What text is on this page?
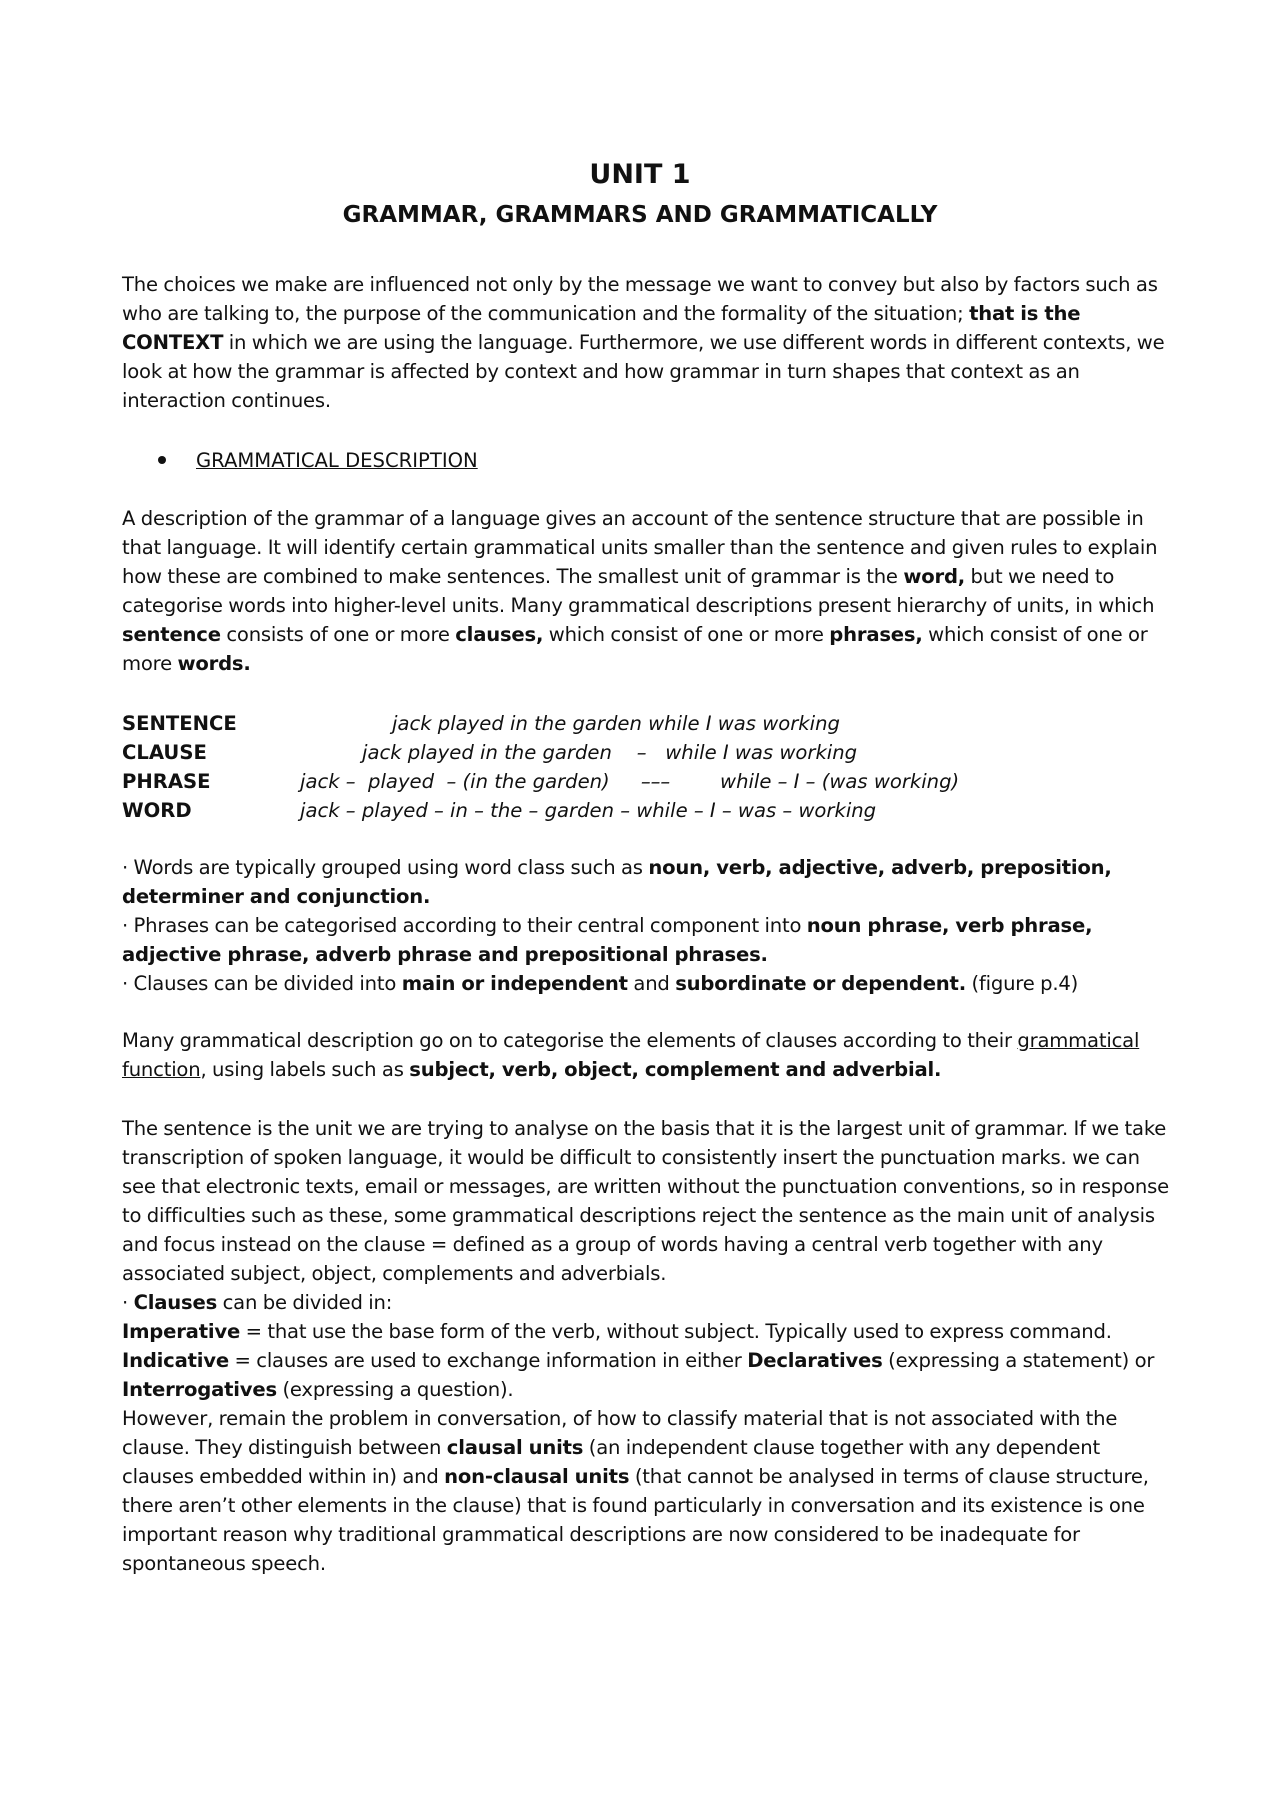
UNIT 1
GRAMMAR, GRAMMARS AND GRAMMATICALLY
The choices we make are influenced not only by the message we want to convey but also by factors such as who are talking to, the purpose of the communication and the formality of the situation; that is the CONTEXT in which we are using the language. Furthermore, we use different words in different contexts, we look at how the grammar is affected by context and how grammar in turn shapes that context as an interaction continues.
GRAMMATICAL DESCRIPTION
A description of the grammar of a language gives an account of the sentence structure that are possible in that language. It will identify certain grammatical units smaller than the sentence and given rules to explain how these are combined to make sentences. The smallest unit of grammar is the word, but we need to categorise words into higher-level units. Many grammatical descriptions present hierarchy of units, in which sentence consists of one or more clauses, which consist of one or more phrases, which consist of one or more words.
SENTENCE	jack played in the garden while I was working
CLAUSE	jack played in the garden    –   while I was working
PHRASE	jack –  played  – (in the garden)     –––        while – I – (was working)
WORD	jack – played – in – the – garden – while – I – was – working
· Words are typically grouped using word class such as noun, verb, adjective, adverb, preposition, determiner and conjunction.
· Phrases can be categorised according to their central component into noun phrase, verb phrase, adjective phrase, adverb phrase and prepositional phrases.
· Clauses can be divided into main or independent and subordinate or dependent. (figure p.4)
Many grammatical description go on to categorise the elements of clauses according to their grammatical function, using labels such as subject, verb, object, complement and adverbial.
The sentence is the unit we are trying to analyse on the basis that it is the largest unit of grammar. If we take transcription of spoken language, it would be difficult to consistently insert the punctuation marks. we can see that electronic texts, email or messages, are written without the punctuation conventions, so in response to difficulties such as these, some grammatical descriptions reject the sentence as the main unit of analysis and focus instead on the clause = defined as a group of words having a central verb together with any associated subject, object, complements and adverbials.
· Clauses can be divided in:
Imperative = that use the base form of the verb, without subject. Typically used to express command.
Indicative = clauses are used to exchange information in either Declaratives (expressing a statement) or Interrogatives (expressing a question).
However, remain the problem in conversation, of how to classify material that is not associated with the clause. They distinguish between clausal units (an independent clause together with any dependent clauses embedded within in) and non-clausal units (that cannot be analysed in terms of clause structure, there aren’t other elements in the clause) that is found particularly in conversation and its existence is one important reason why traditional grammatical descriptions are now considered to be inadequate for spontaneous speech.
